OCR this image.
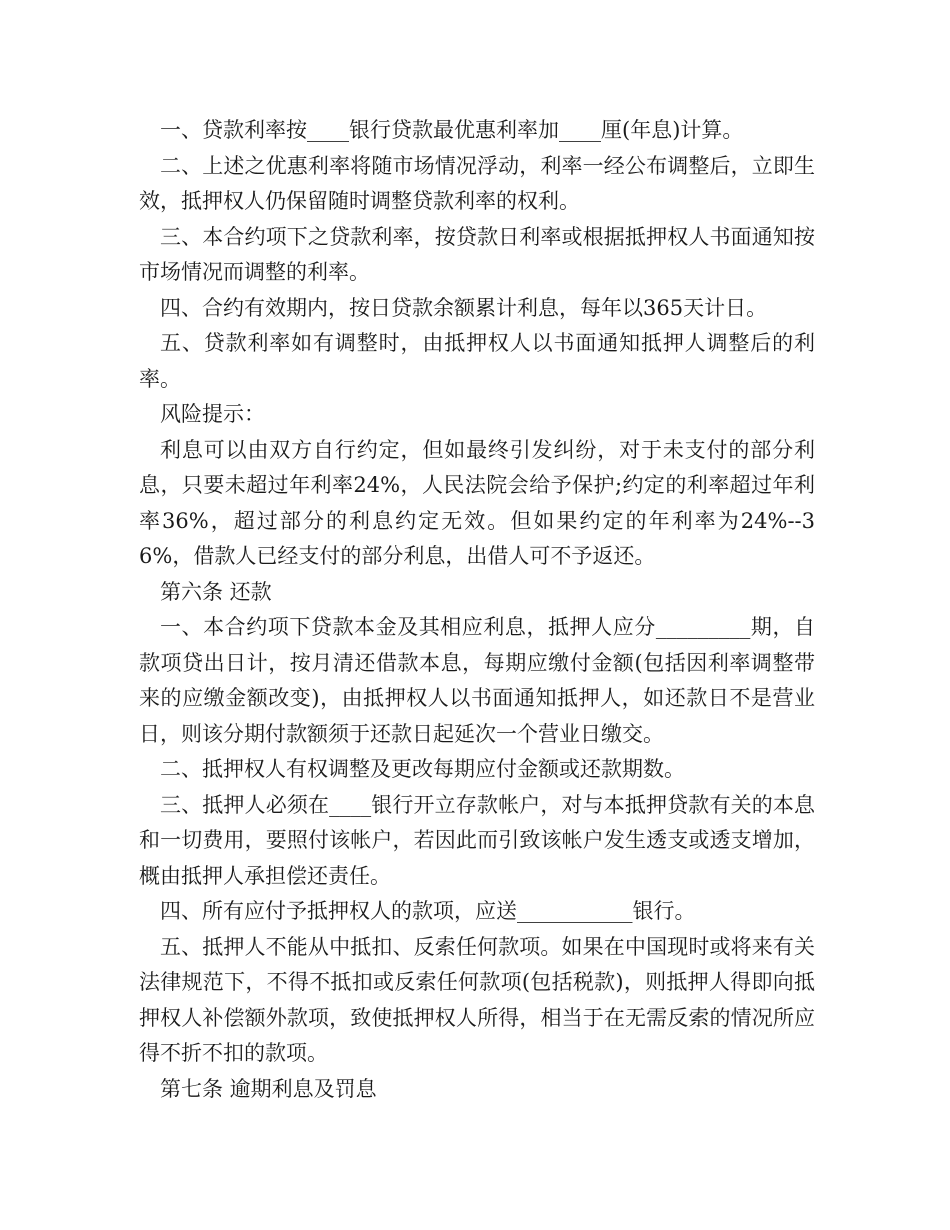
一、贷款利率按____银行贷款最优惠利率加____厘(年息)计算。

二、上述之优惠利率将随市场情况浮动，利率一经公布调整后，立即生效，抵押权人仍保留随时调整贷款利率的权利。

三、本合约项下之贷款利率，按贷款日利率或根据抵押权人书面通知按市场情况而调整的利率。

四、合约有效期内，按日贷款余额累计利息，每年以365天计日。

五、贷款利率如有调整时，由抵押权人以书面通知抵押人调整后的利率。

风险提示：

利息可以由双方自行约定，但如最终引发纠纷，对于未支付的部分利息，只要未超过年利率24%，人民法院会给予保护;约定的利率超过年利率36%，超过部分的利息约定无效。但如果约定的年利率为24%--36%，借款人已经支付的部分利息，出借人可不予返还。

第六条 还款

一、本合约项下贷款本金及其相应利息，抵押人应分_________期，自款项贷出日计，按月清还借款本息，每期应缴付金额(包括因利率调整带来的应缴金额改变)，由抵押权人以书面通知抵押人，如还款日不是营业日，则该分期付款额须于还款日起延次一个营业日缴交。

二、抵押权人有权调整及更改每期应付金额或还款期数。

三、抵押人必须在____银行开立存款帐户，对与本抵押贷款有关的本息和一切费用，要照付该帐户，若因此而引致该帐户发生透支或透支增加，概由抵押人承担偿还责任。

四、所有应付予抵押权人的款项，应送___________银行。

五、抵押人不能从中抵扣、反索任何款项。如果在中国现时或将来有关法律规范下，不得不抵扣或反索任何款项(包括税款)，则抵押人得即向抵押权人补偿额外款项，致使抵押权人所得，相当于在无需反索的情况所应得不折不扣的款项。

第七条 逾期利息及罚息
